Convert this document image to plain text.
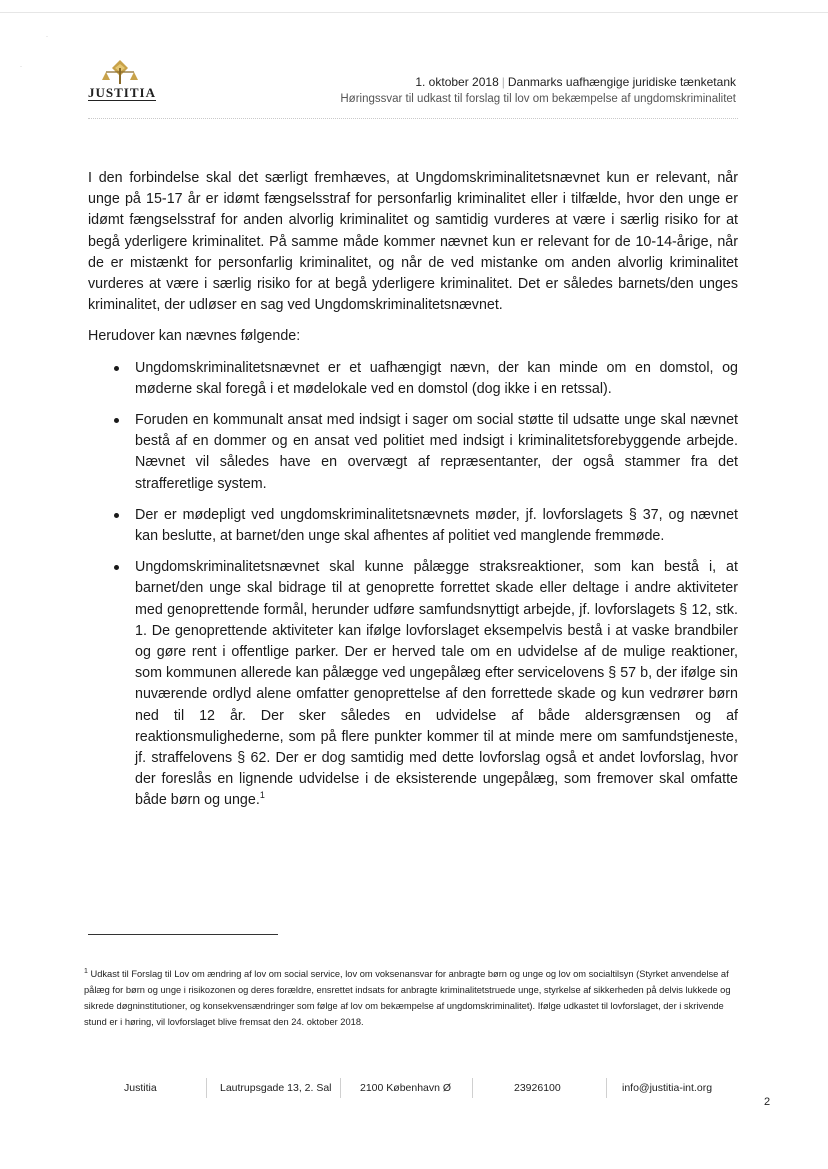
·
·
JUSTITIA
1. oktober 2018 | Danmarks uafhængige juridiske tænketank
Høringssvar til udkast til forslag til lov om bekæmpelse af ungdomskriminalitet

I den forbindelse skal det særligt fremhæves, at Ungdomskriminalitetsnævnet kun er relevant, når unge på 15-17 år er idømt fængselsstraf for personfarlig kriminalitet eller i tilfælde, hvor den unge er idømt fængselsstraf for anden alvorlig kriminalitet og samtidig vurderes at være i særlig risiko for at begå yderligere kriminalitet. På samme måde kommer nævnet kun er relevant for de 10-14-årige, når de er mistænkt for personfarlig kriminalitet, og når de ved mistanke om anden alvorlig kriminalitet vurderes at være i særlig risiko for at begå yderligere kriminalitet. Det er således barnets/den unges kriminalitet, der udløser en sag ved Ungdomskriminalitetsnævnet.

Herudover kan nævnes følgende:

Ungdomskriminalitetsnævnet er et uafhængigt nævn, der kan minde om en domstol, og møderne skal foregå i et mødelokale ved en domstol (dog ikke i en retssal).
Foruden en kommunalt ansat med indsigt i sager om social støtte til udsatte unge skal nævnet bestå af en dommer og en ansat ved politiet med indsigt i kriminalitetsforebyggende arbejde. Nævnet vil således have en overvægt af repræsentanter, der også stammer fra det strafferetlige system.
Der er mødepligt ved ungdomskriminalitetsnævnets møder, jf. lovforslagets § 37, og nævnet kan beslutte, at barnet/den unge skal afhentes af politiet ved manglende fremmøde.
Ungdomskriminalitetsnævnet skal kunne pålægge straksreaktioner, som kan bestå i, at barnet/den unge skal bidrage til at genoprette forrettet skade eller deltage i andre aktiviteter med genoprettende formål, herunder udføre samfundsnyttigt arbejde, jf. lovforslagets § 12, stk. 1. De genoprettende aktiviteter kan ifølge lovforslaget eksempelvis bestå i at vaske brandbiler og gøre rent i offentlige parker. Der er herved tale om en udvidelse af de mulige reaktioner, som kommunen allerede kan pålægge ved ungepålæg efter servicelovens § 57 b, der ifølge sin nuværende ordlyd alene omfatter genoprettelse af den forrettede skade og kun vedrører børn ned til 12 år. Der sker således en udvidelse af både aldersgrænsen og af reaktionsmulighederne, som på flere punkter kommer til at minde mere om samfundstjeneste, jf. straffelovens § 62. Der er dog samtidig med dette lovforslag også et andet lovforslag, hvor der foreslås en lignende udvidelse i de eksisterende ungepålæg, som fremover skal omfatte både børn og unge.$^1$
$^1$ Udkast til Forslag til Lov om ændring af lov om social service, lov om voksenansvar for anbragte børn og unge og lov om socialtilsyn (Styrket anvendelse af pålæg for børn og unge i risikozonen og deres forældre, ensrettet indsats for anbragte kriminalitetstruede unge, styrkelse af sikkerheden på delvis lukkede og sikrede døgninstitutioner, og konsekvensændringer som følge af lov om bekæmpelse af ungdomskriminalitet). Ifølge udkastet til lovforslaget, der i skrivende stund er i høring, vil lovforslaget blive fremsat den 24. oktober 2018.
Justitia	Lautrupsgade 13, 2. Sal	2100 København Ø	23926100	info@justitia-int.org
2
